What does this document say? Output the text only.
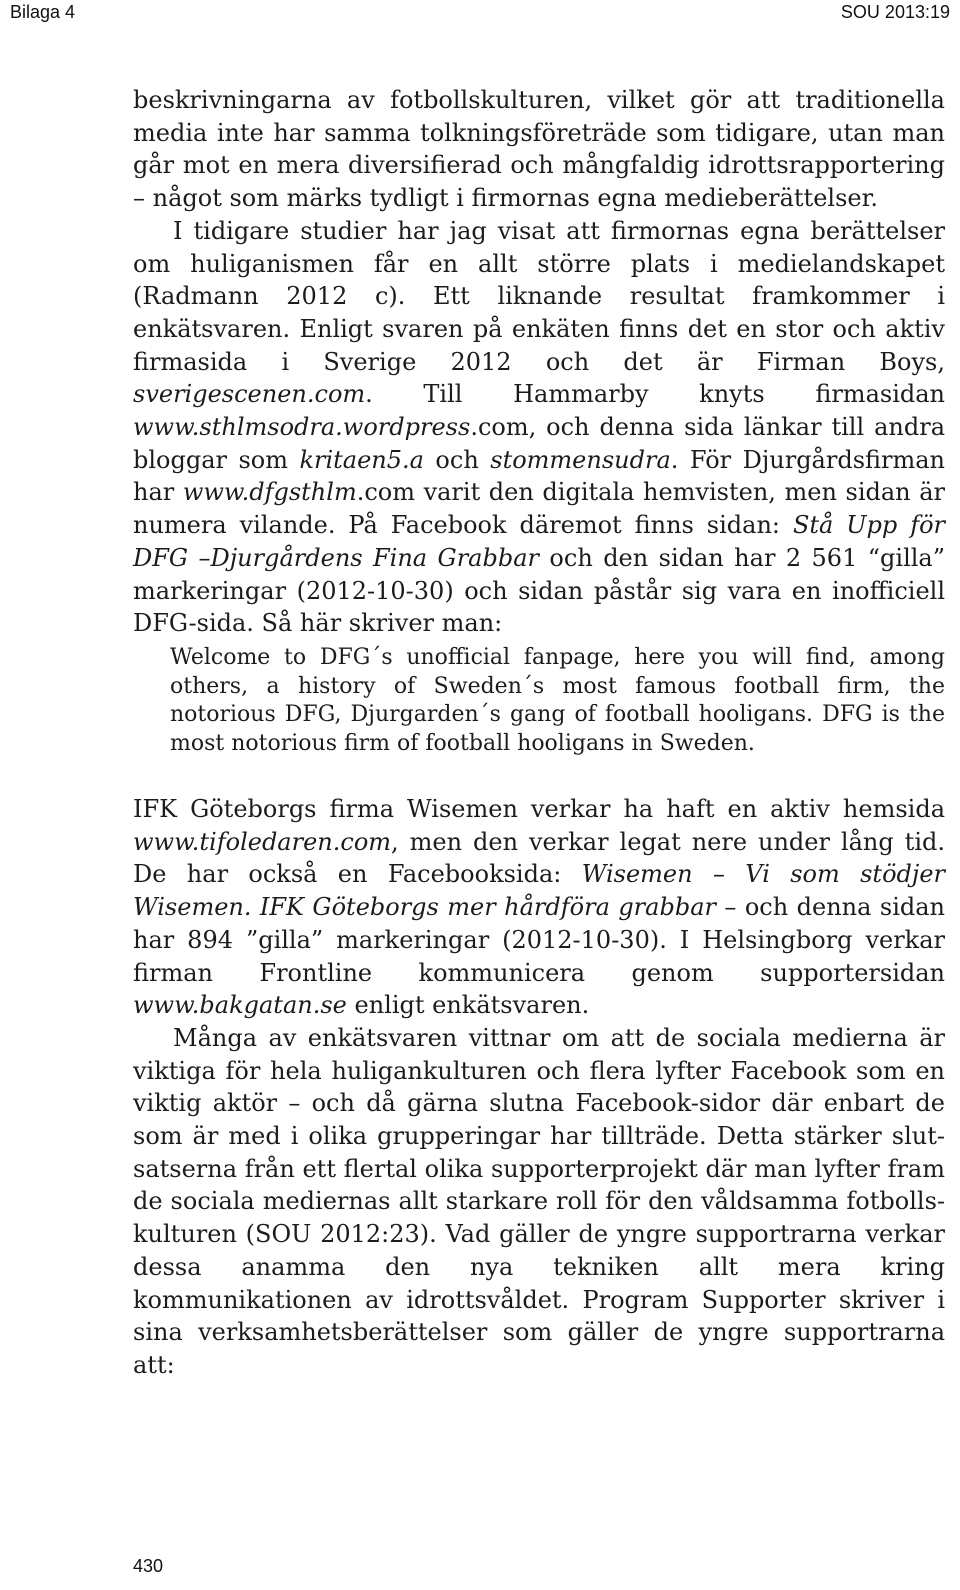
Bilaga 4	SOU 2013:19

beskrivningarna av fotbollskulturen, vilket gör att traditionella media inte har samma tolkningsföreträde som tidigare, utan man går mot en mera diversifierad och mångfaldig idrottsrapportering – något som märks tydligt i firmornas egna medieberättelser.

I tidigare studier har jag visat att firmornas egna berättelser om huliganismen får en allt större plats i medielandskapet (Radmann 2012 c). Ett liknande resultat framkommer i enkätsvaren. Enligt svaren på enkäten finns det en stor och aktiv firmasida i Sverige 2012 och det är Firman Boys, sverigescenen.com. Till Hammarby knyts firmasidan www.sthlmsodra.wordpress.com, och denna sida länkar till andra bloggar som kritaen5.a och stommensudra. För Djurgårdsfirman har www.dfgsthlm.com varit den digitala hemvisten, men sidan är numera vilande. På Facebook däremot finns sidan: Stå Upp för DFG –Djurgårdens Fina Grabbar och den sidan har 2 561 “gilla” markeringar (2012-10-30) och sidan påstår sig vara en inofficiell DFG-sida. Så här skriver man:

Welcome to DFG´s unofficial fanpage, here you will find, among others, a history of Sweden´s most famous football firm, the notorious DFG, Djurgarden´s gang of football hooligans. DFG is the most notorious firm of football hooligans in Sweden.

IFK Göteborgs firma Wisemen verkar ha haft en aktiv hemsida www.tifoledaren.com, men den verkar legat nere under lång tid. De har också en Facebooksida: Wisemen – Vi som stödjer Wisemen. IFK Göteborgs mer hårdföra grabbar – och denna sidan har 894 ”gilla” markeringar (2012-10-30). I Helsingborg verkar firman Frontline kommunicera genom supportersidan www.bakgatan.se enligt enkätsvaren.

Många av enkätsvaren vittnar om att de sociala medierna är viktiga för hela huligankulturen och flera lyfter Facebook som en viktig aktör – och då gärna slutna Facebook-sidor där enbart de som är med i olika grupperingar har tillträde. Detta stärker slutsatserna från ett flertal olika supporterprojekt där man lyfter fram de sociala mediernas allt starkare roll för den våldsamma fotbollskulturen (SOU 2012:23). Vad gäller de yngre supportrarna verkar dessa anamma den nya tekniken allt mera kring kommunikationen av idrottsvåldet. Program Supporter skriver i sina verksamhetsberättelser som gäller de yngre supportrarna att:

430
